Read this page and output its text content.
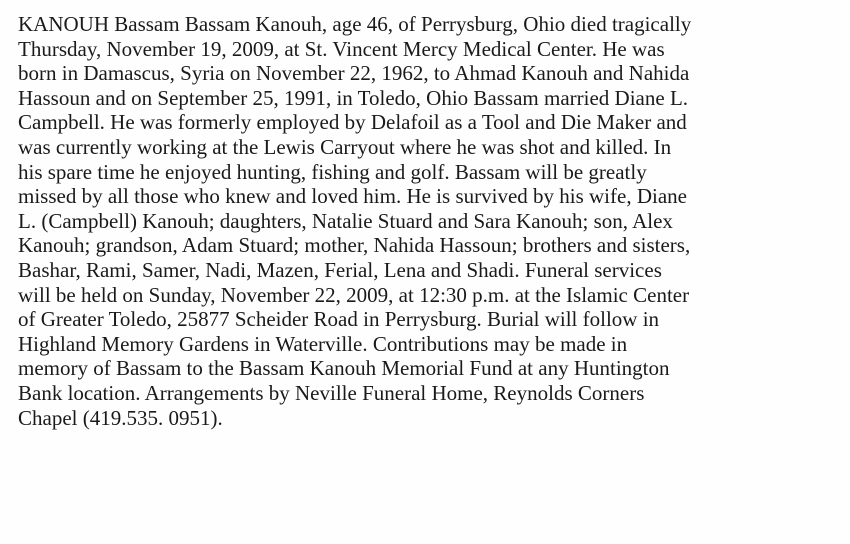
KANOUH Bassam Bassam Kanouh, age 46, of Perrysburg, Ohio died tragically
Thursday, November 19, 2009, at St. Vincent Mercy Medical Center. He was
born in Damascus, Syria on November 22, 1962, to Ahmad Kanouh and Nahida
Hassoun and on September 25, 1991, in Toledo, Ohio Bassam married Diane L.
Campbell. He was formerly employed by Delafoil as a Tool and Die Maker and
was currently working at the Lewis Carryout where he was shot and killed. In
his spare time he enjoyed hunting, fishing and golf. Bassam will be greatly
missed by all those who knew and loved him. He is survived by his wife, Diane
L. (Campbell) Kanouh; daughters, Natalie Stuard and Sara Kanouh; son, Alex
Kanouh; grandson, Adam Stuard; mother, Nahida Hassoun; brothers and sisters,
Bashar, Rami, Samer, Nadi, Mazen, Ferial, Lena and Shadi. Funeral services
will be held on Sunday, November 22, 2009, at 12:30 p.m. at the Islamic Center
of Greater Toledo, 25877 Scheider Road in Perrysburg. Burial will follow in
Highland Memory Gardens in Waterville. Contributions may be made in
memory of Bassam to the Bassam Kanouh Memorial Fund at any Huntington
Bank location. Arrangements by Neville Funeral Home, Reynolds Corners
Chapel (419.535. 0951).
